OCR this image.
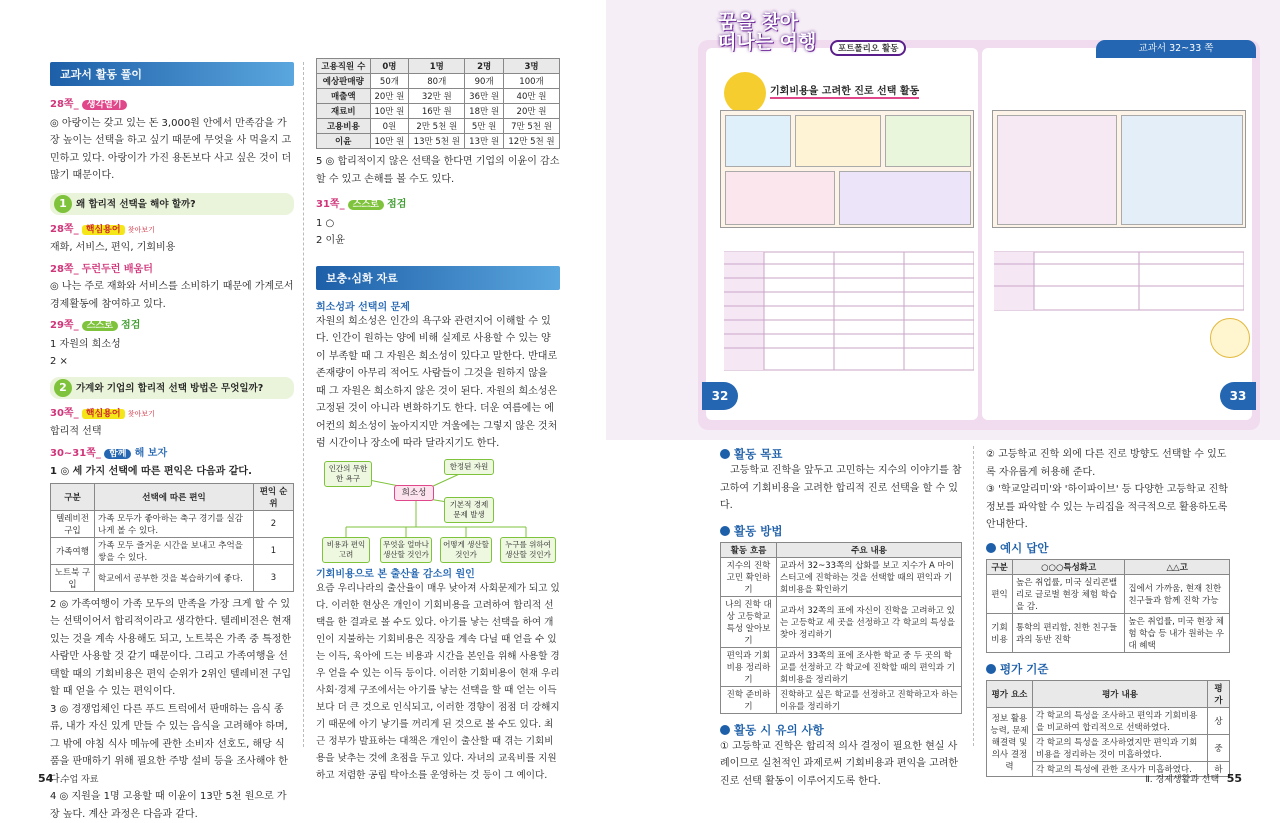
교과서 활동 풀이
28쪽_ 생각열기
◎ 아랑이는 갖고 있는 돈 3,000원 안에서 만족감을 가장 높이는 선택을 하고 싶기 때문에 무엇을 사 먹을지 고민하고 있다. 아랑이가 가진 용돈보다 사고 싶은 것이 더 많기 때문이다.
1 왜 합리적 선택을 해야 할까?
28쪽_ 핵심용어 찾아보기
재화, 서비스, 편익, 기회비용
28쪽_ 두런두런 배움터
◎ 나는 주로 재화와 서비스를 소비하기 때문에 가계로서 경제활동에 참여하고 있다.
29쪽_ 스스로 점검
1 자원의 희소성
2 ×
2 가계와 기업의 합리적 선택 방법은 무엇일까?
30쪽_ 핵심용어 찾아보기
합리적 선택
30~31쪽_ 함께 해 보자
1 ◎ 세 가지 선택에 따른 편익은 다음과 같다.
구분	선택에 따른 편익	편익 순위
텔레비전 구입	가족 모두가 좋아하는 축구 경기를 실감나게 볼 수 있다.	2
가족여행	가족 모두 즐거운 시간을 보내고 추억을 쌓을 수 있다.	1
노트북 구입	학교에서 공부한 것을 복습하기에 좋다.	3
2 ◎ 가족여행이 가족 모두의 만족을 가장 크게 할 수 있는 선택이어서 합리적이라고 생각한다. 텔레비전은 현재 있는 것을 계속 사용해도 되고, 노트북은 가족 중 특정한 사람만 사용할 것 같기 때문이다. 그리고 가족여행을 선택할 때의 기회비용은 편익 순위가 2위인 텔레비전 구입할 때 얻을 수 있는 편익이다.
3 ◎ 경쟁업체인 다른 푸드 트럭에서 판매하는 음식 종류, 내가 자신 있게 만들 수 있는 음식을 고려해야 하며, 그 밖에 야침 식사 메뉴에 관한 소비자 선호도, 해당 식품을 판매하기 위해 필요한 주방 설비 등을 조사해야 한다.
4 ◎ 지원을 1명 고용할 때 이윤이 13만 5천 원으로 가장 높다. 계산 과정은 다음과 같다.
고용직원 수	0명	1명	2명	3명
예상판매량	50개	80개	90개	100개
매출액	20만 원	32만 원	36만 원	40만 원
재료비	10만 원	16만 원	18만 원	20만 원
고용비용	0원	2만 5천 원	5만 원	7만 5천 원
이윤	10만 원	13만 5천 원	13만 원	12만 5천 원
5 ◎ 합리적이지 않은 선택을 한다면 기업의 이윤이 감소할 수 있고 손해를 볼 수도 있다.
31쪽_ 스스로 점검
1 ○
2 이윤
보충·심화 자료
희소성과 선택의 문제
자원의 희소성은 인간의 욕구와 관련지어 이해할 수 있다. 인간이 원하는 양에 비해 실제로 사용할 수 있는 양이 부족할 때 그 자원은 희소성이 있다고 말한다. 반대로 존재량이 아무리 적어도 사람들이 그것을 원하지 않을 때 그 자원은 희소하지 않은 것이 된다. 자원의 희소성은 고정된 것이 아니라 변화하기도 한다. 더운 여름에는 에어컨의 희소성이 높아지지만 겨울에는 그렇지 않은 것처럼 시간이나 장소에 따라 달라지기도 한다.
인간의 무한한 욕구
한정된 자원
희소성
기본적 경제 문제 발생
비용과 편익 고려
무엇을 얼마나 생산할 것인가
어떻게 생산할 것인가
누구를 위하여 생산할 것인가
기회비용으로 본 출산율 감소의 원인
요즘 우리나라의 출산율이 매우 낮아져 사회문제가 되고 있다. 이러한 현상은 개인이 기회비용을 고려하여 합리적 선택을 한 결과로 볼 수도 있다. 아기를 낳는 선택을 하여 개인이 지불하는 기회비용은 직장을 계속 다닐 때 얻을 수 있는 이득, 육아에 드는 비용과 시간을 본인을 위해 사용할 경우 얻을 수 있는 이득 등이다. 이러한 기회비용이 현재 우리 사회·경제 구조에서는 아기를 낳는 선택을 할 때 얻는 이득보다 더 큰 것으로 인식되고, 이러한 경향이 점점 더 강해지기 때문에 아기 낳기를 꺼리게 된 것으로 볼 수도 있다. 최근 정부가 발표하는 대책은 개인이 출산할 때 겪는 기회비용을 낮추는 것에 초점을 두고 있다. 자녀의 교육비를 지원하고 저렴한 공립 탁아소를 운영하는 것 등이 그 예이다.
꿈을 찾아
떠나는 여행	포트폴리오 활동	교과서 32~33 쪽
기회비용을 고려한 진로 선택 활동
32	33
활동 목표
고등학교 진학을 앞두고 고민하는 지수의 이야기를 참고하여 기회비용을 고려한 합리적 진로 선택을 할 수 있다.
활동 방법
활동 흐름	주요 내용
지수의 진학 고민 확인하기	교과서 32~33쪽의 삽화를 보고 지수가 A 마이스터고에 진학하는 것을 선택할 때의 편익과 기회비용을 확인하기
나의 진학 대상 고등학교 특성 알아보기	교과서 32쪽의 표에 자신이 진학을 고려하고 있는 고등학교 세 곳을 선정하고 각 학교의 특성을 찾아 정리하기
편익과 기회비용 정리하기	교과서 33쪽의 표에 조사한 학교 중 두 곳의 학교를 선정하고 각 학교에 진학할 때의 편익과 기회비용을 정리하기
진학 준비하기	진학하고 싶은 학교를 선정하고 진학하고자 하는 이유를 정리하기
활동 시 유의 사항
① 고등학교 진학은 합리적 의사 결정이 필요한 현실 사례이므로 실천적인 과제로써 기회비용과 편익을 고려한 진로 선택 활동이 이루어지도록 한다.
② 고등학교 진학 외에 다른 진로 방향도 선택할 수 있도록 자유롭게 허용해 준다.
③ '학교알리미'와 '하이파이브' 등 다양한 고등학교 진학 정보를 파악할 수 있는 누리집을 적극적으로 활용하도록 안내한다.
예시 답안
구분	○○○특성화고	△△고
편익	높은 취업률, 미국 실리콘밸리로 글로벌 현장 체험 학습을 감.	집에서 가까움, 현재 친한 친구들과 함께 진학 가능
기회비용	통학의 편리함, 친한 친구들과의 동반 진학	높은 취업률, 미국 현장 체험 학습 등 내가 원하는 우대 혜택
평가 기준
평가 요소	평가 내용	평가
정보 활용 능력, 문제 해결력 및 의사 결정력	각 학교의 특성을 조사하고 편익과 기회비용을 비교하여 합리적으로 선택하였다.	상
	각 학교의 특성을 조사하였지만 편익과 기회비용을 정리하는 것이 미흡하였다.	중
	각 학교의 특성에 관한 조사가 미흡하였다.	하
54 수업 자료	Ⅱ. 경제생활과 선택 55
